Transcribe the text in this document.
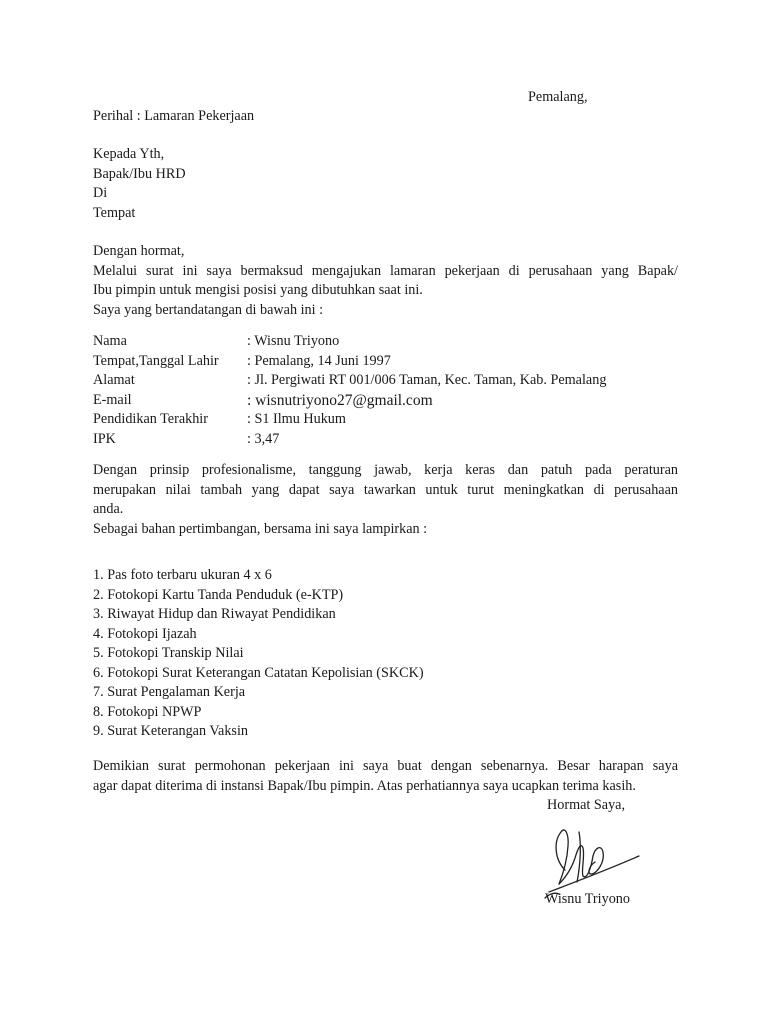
Pemalang,
Perihal : Lamaran Pekerjaan
Kepada Yth,
Bapak/Ibu HRD
Di
Tempat
Dengan hormat,
Melalui surat ini saya bermaksud mengajukan lamaran pekerjaan di perusahaan yang Bapak/
Ibu pimpin untuk mengisi posisi yang dibutuhkan saat ini.
Saya yang bertandatangan di bawah ini :
Nama	: Wisnu Triyono
Tempat,Tanggal Lahir	: Pemalang, 14 Juni 1997
Alamat	: Jl. Pergiwati RT 001/006 Taman, Kec. Taman, Kab. Pemalang
E-mail	: wisnutriyono27@gmail.com
Pendidikan Terakhir	: S1 Ilmu Hukum
IPK	: 3,47
Dengan prinsip profesionalisme, tanggung jawab, kerja keras dan patuh pada peraturan
merupakan nilai tambah yang dapat saya tawarkan untuk turut meningkatkan di perusahaan
anda.
Sebagai bahan pertimbangan, bersama ini saya lampirkan :
1. Pas foto terbaru ukuran 4 x 6
2. Fotokopi Kartu Tanda Penduduk (e-KTP)
3. Riwayat Hidup dan Riwayat Pendidikan
4. Fotokopi Ijazah
5. Fotokopi Transkip Nilai
6. Fotokopi Surat Keterangan Catatan Kepolisian (SKCK)
7. Surat Pengalaman Kerja
8. Fotokopi NPWP
9. Surat Keterangan Vaksin
Demikian surat permohonan pekerjaan ini saya buat dengan sebenarnya. Besar harapan saya
agar dapat diterima di instansi Bapak/Ibu pimpin. Atas perhatiannya saya ucapkan terima kasih.
Hormat Saya,
Wisnu Triyono
